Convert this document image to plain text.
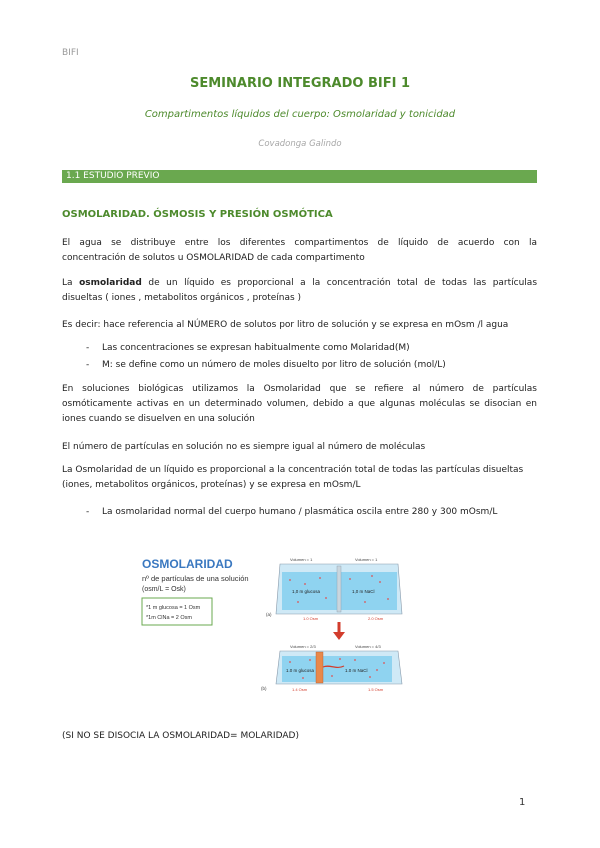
BIFI
SEMINARIO INTEGRADO BIFI 1
Compartimentos líquidos del cuerpo: Osmolaridad y tonicidad
Covadonga Galindo
1.1 ESTUDIO PREVIO
OSMOLARIDAD. ÓSMOSIS Y PRESIÓN OSMÓTICA
El agua se distribuye entre los diferentes compartimentos de líquido de acuerdo con la
concentración de solutos u OSMOLARIDAD de cada compartimento
La osmolaridad de un líquido es proporcional a la concentración total de todas las partículas
disueltas ( iones , metabolitos orgánicos , proteínas )
Es decir: hace referencia al NÚMERO de solutos por litro de solución y se expresa en mOsm /l agua
- Las concentraciones se expresan habitualmente como Molaridad(M)
- M: se define como un número de moles disuelto por litro de solución (mol/L)
En soluciones biológicas utilizamos la Osmolaridad que se refiere al número de partículas
osmóticamente activas en un determinado volumen, debido a que algunas moléculas se disocian en
iones cuando se disuelven en una solución
El número de partículas en solución no es siempre igual al número de moléculas
La Osmolaridad de un líquido es proporcional a la concentración total de todas las partículas disueltas
(iones, metabolitos orgánicos, proteínas) y se expresa en mOsm/L
- La osmolaridad normal del cuerpo humano / plasmática oscila entre 280 y 300 mOsm/L
OSMOLARIDAD
nº de partículas de una solución
(osm/L = Osk)
*1 m glucosa = 1 Osm
*1m ClNa = 2 Osm
Volumen = 1	Volumen = 1
1,0 m glucosa	1,0 m NaCl
1.0 Osm	2.0 Osm
(a)
Volumen = 2/3	Volumen = 4/3
1.0 m glucosa	1.0 m NaCl
1.4 Osm	1.5 Osm
(b)
(SI NO SE DISOCIA LA OSMOLARIDAD= MOLARIDAD)
1
